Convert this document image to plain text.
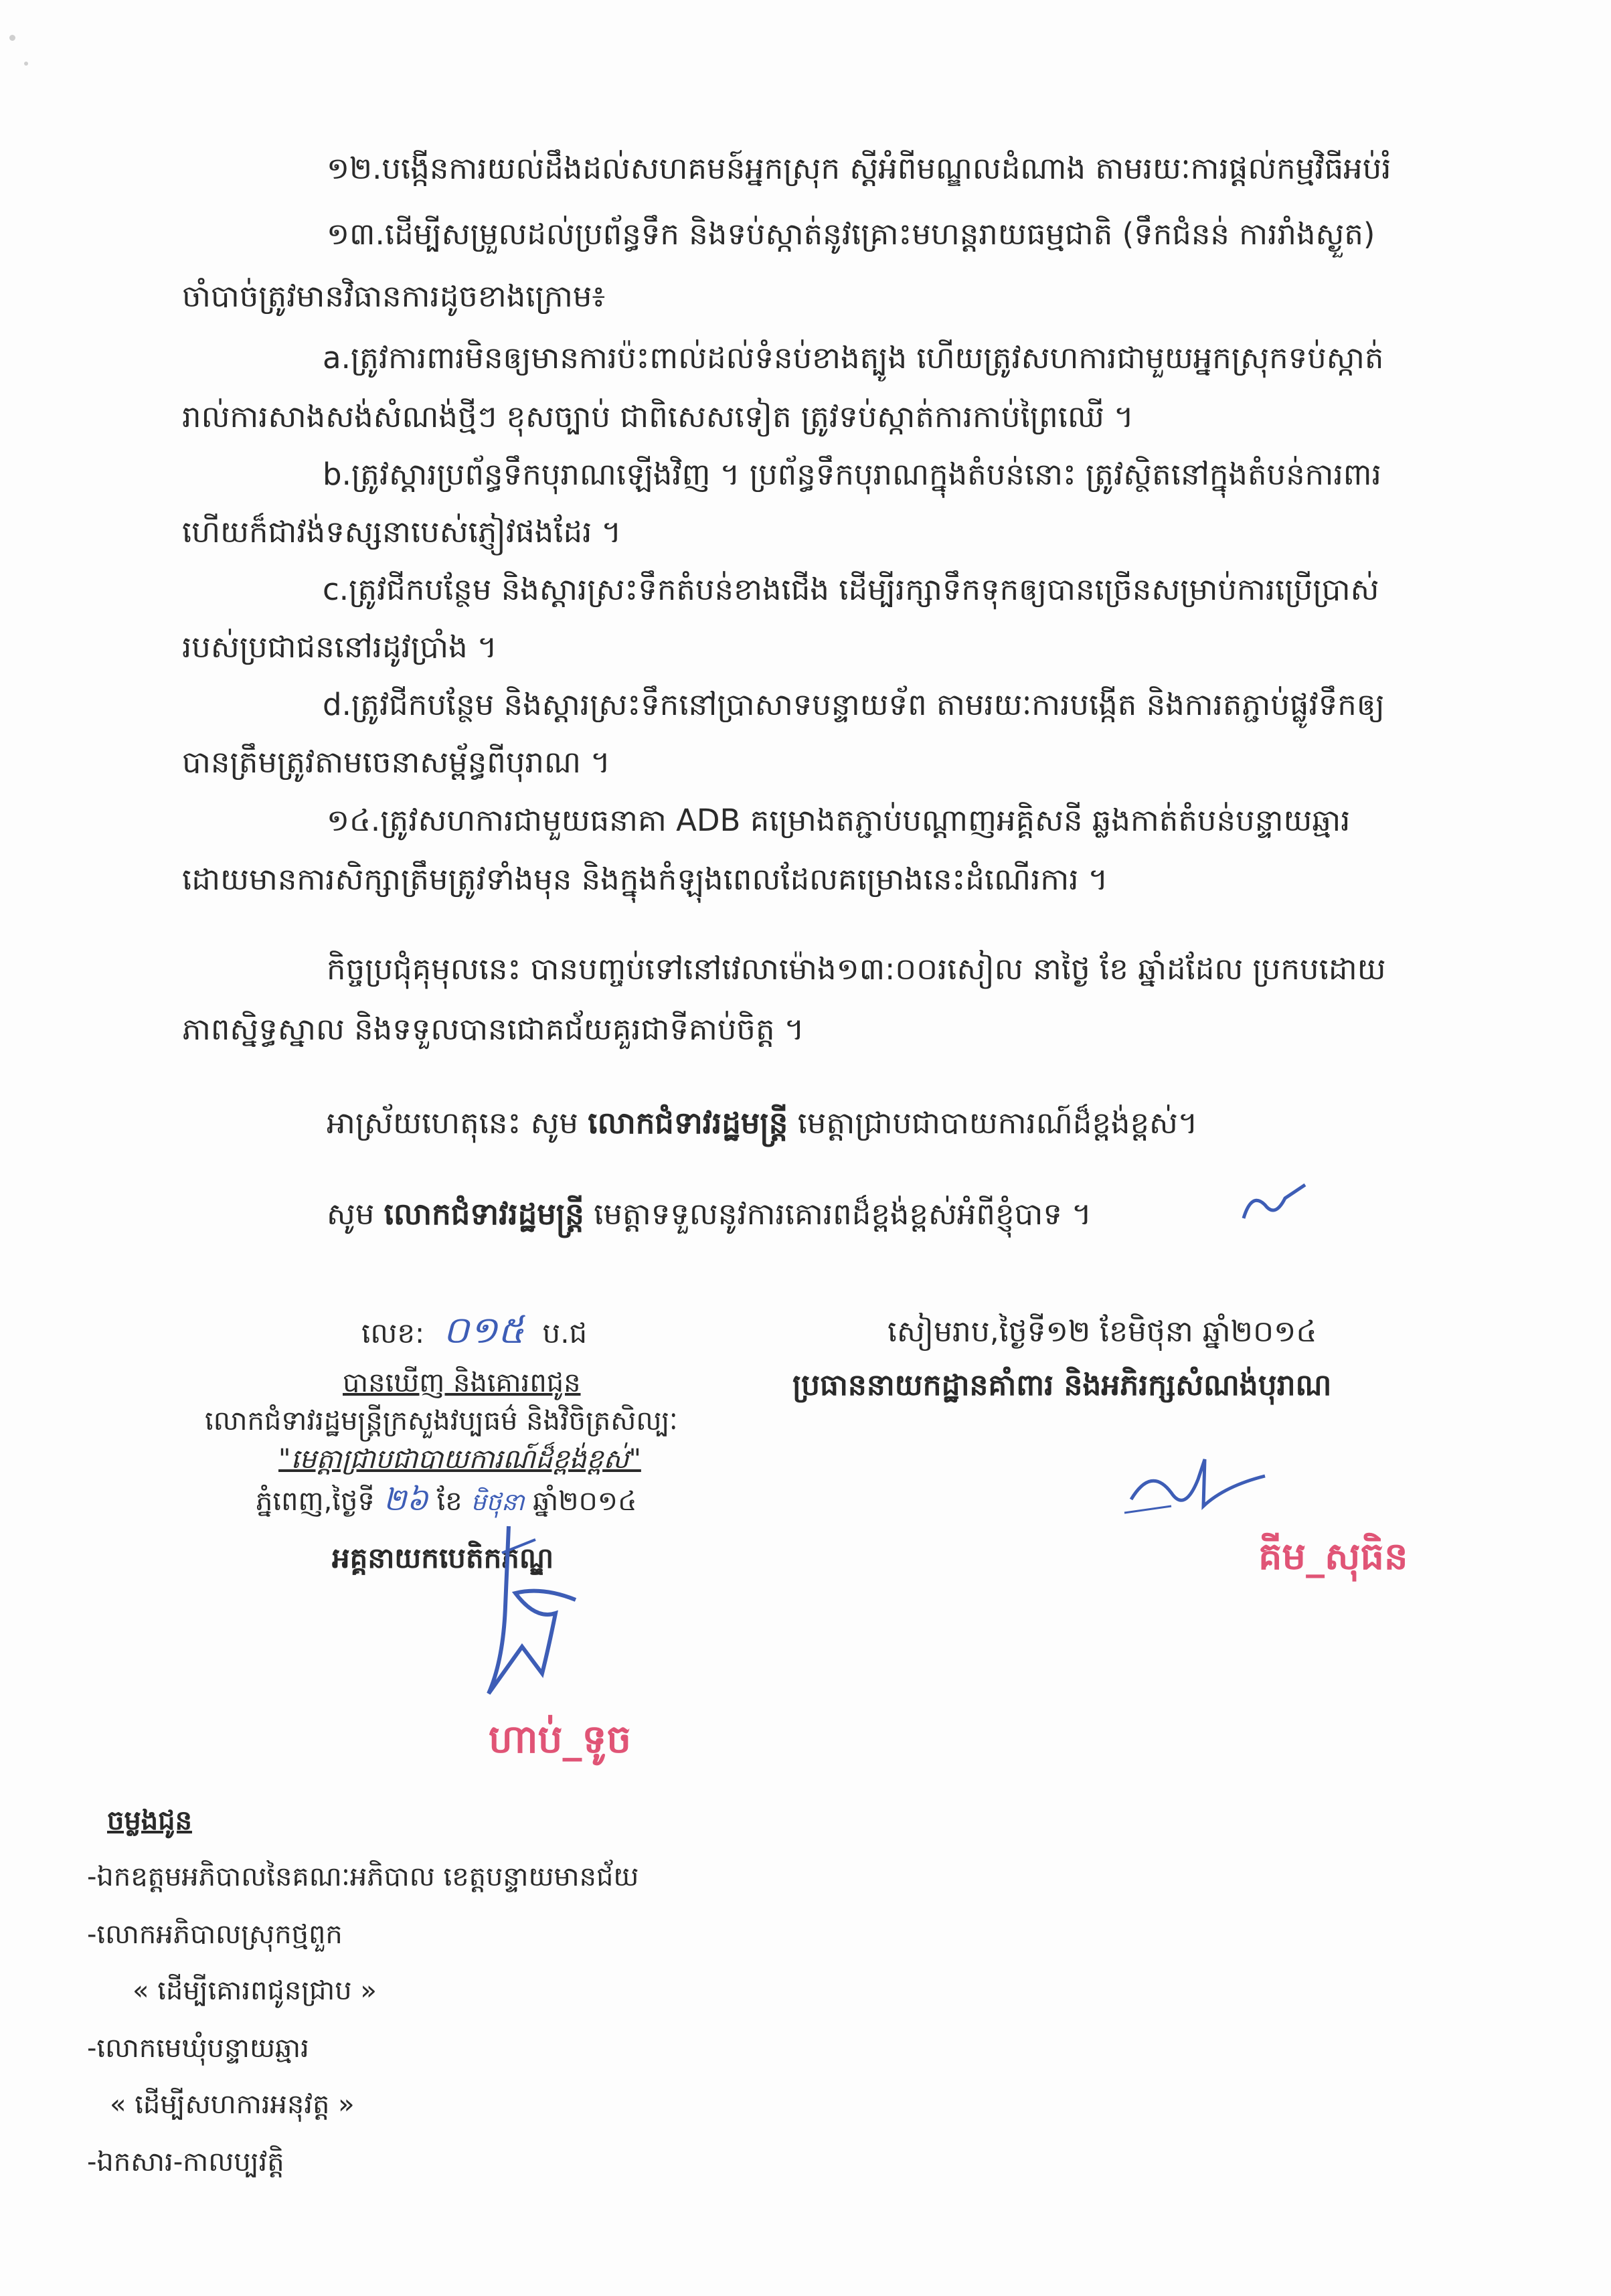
១២.បង្កើនការយល់ដឹងដល់សហគមន៍អ្នកស្រុក ស្ដីអំពីមណ្ឌលដំណាង តាមរយៈការផ្ដល់កម្មវិធីអប់រំ
១៣.ដើម្បីសម្រួលដល់ប្រព័ន្ធទឹក និងទប់ស្កាត់នូវគ្រោះមហន្តរាយធម្មជាតិ (ទឹកជំនន់ ការរាំងស្ងួត)
ចាំបាច់ត្រូវមានវិធានការដូចខាងក្រោម៖
a.ត្រូវការពារមិនឲ្យមានការប៉ះពាល់ដល់ទំនប់ខាងត្បូង ហើយត្រូវសហការជាមួយអ្នកស្រុកទប់ស្កាត់
រាល់ការសាងសង់សំណង់ថ្មីៗ ខុសច្បាប់ ជាពិសេសទៀត ត្រូវទប់ស្កាត់ការកាប់ព្រៃឈើ ។
b.ត្រូវស្ដារប្រព័ន្ធទឹកបុរាណឡើងវិញ ។ ប្រព័ន្ធទឹកបុរាណក្នុងតំបន់នោះ ត្រូវស្ថិតនៅក្នុងតំបន់ការពារ
ហើយក៏ជាវង់ទស្សនាបេស់ភ្ញៀវផងដែរ ។
c.ត្រូវជីកបន្ថែម និងស្ដារស្រះទឹកតំបន់ខាងជើង ដើម្បីរក្សាទឹកទុកឲ្យបានច្រើនសម្រាប់ការប្រើប្រាស់
របស់ប្រជាជននៅរដូវប្រាំង ។
d.ត្រូវជីកបន្ថែម និងស្ដារស្រះទឹកនៅប្រាសាទបន្ទាយទ័ព តាមរយៈការបង្កើត និងការតភ្ជាប់ផ្លូវទឹកឲ្យ
បានត្រឹមត្រូវតាមចេនាសម្ព័ន្ធពីបុរាណ ។
១៤.ត្រូវសហការជាមួយធនាគា ADB គម្រោងតភ្ជាប់បណ្ដាញអគ្គិសនី ឆ្លងកាត់តំបន់បន្ទាយឆ្មារ
ដោយមានការសិក្សាត្រឹមត្រូវទាំងមុន និងក្នុងកំឡុងពេលដែលគម្រោងនេះដំណើរការ ។
កិច្ចប្រជុំគុមុលនេះ បានបញ្ចប់ទៅនៅវេលាម៉ោង១៣:០០រសៀល នាថ្ងៃ ខែ ឆ្នាំដដែល ប្រកបដោយ
ភាពស្និទ្ធស្នាល និងទទួលបានជោគជ័យគួរជាទីគាប់ចិត្ត ។
អាស្រ័យហេតុនេះ សូម លោកជំទាវរដ្ឋមន្ត្រី មេត្តាជ្រាបជាបាយការណ៍ដ៏ខ្ពង់ខ្ពស់។
សូម លោកជំទាវរដ្ឋមន្ត្រី មេត្តាទទួលនូវការគោរពដ៏ខ្ពង់ខ្ពស់អំពីខ្ញុំបាទ ។
លេខ: ០១៥ ប.ជ
បានឃើញ និងគោរពជូន
លោកជំទាវរដ្ឋមន្ត្រីក្រសួងវប្បធម៌ និងវិចិត្រសិល្បៈ
"មេត្តាជ្រាបជាបាយការណ៍ដ៏ខ្ពង់ខ្ពស់"
ភ្នំពេញ,ថ្ងៃទី ២៦ ខែ មិថុនា ឆ្នាំ២០១៤
អគ្គនាយកបេតិកភណ្ឌ
ហាប់_ទូច
សៀមរាប,ថ្ងៃទី១២ ខែមិថុនា ឆ្នាំ២០១៤
ប្រធាននាយកដ្ឋានគាំពារ និងអភិរក្សសំណង់បុរាណ
គីម_សុធិន
ចម្លងជូន
-ឯកឧត្ដមអភិបាលនៃគណៈអភិបាល ខេត្តបន្ទាយមានជ័យ
-លោកអភិបាលស្រុកថ្មពួក
« ដើម្បីគោរពជូនជ្រាប »
-លោកមេឃុំបន្ទាយឆ្មារ
« ដើម្បីសហការអនុវត្ត »
-ឯកសារ-កាលប្បវត្តិ
